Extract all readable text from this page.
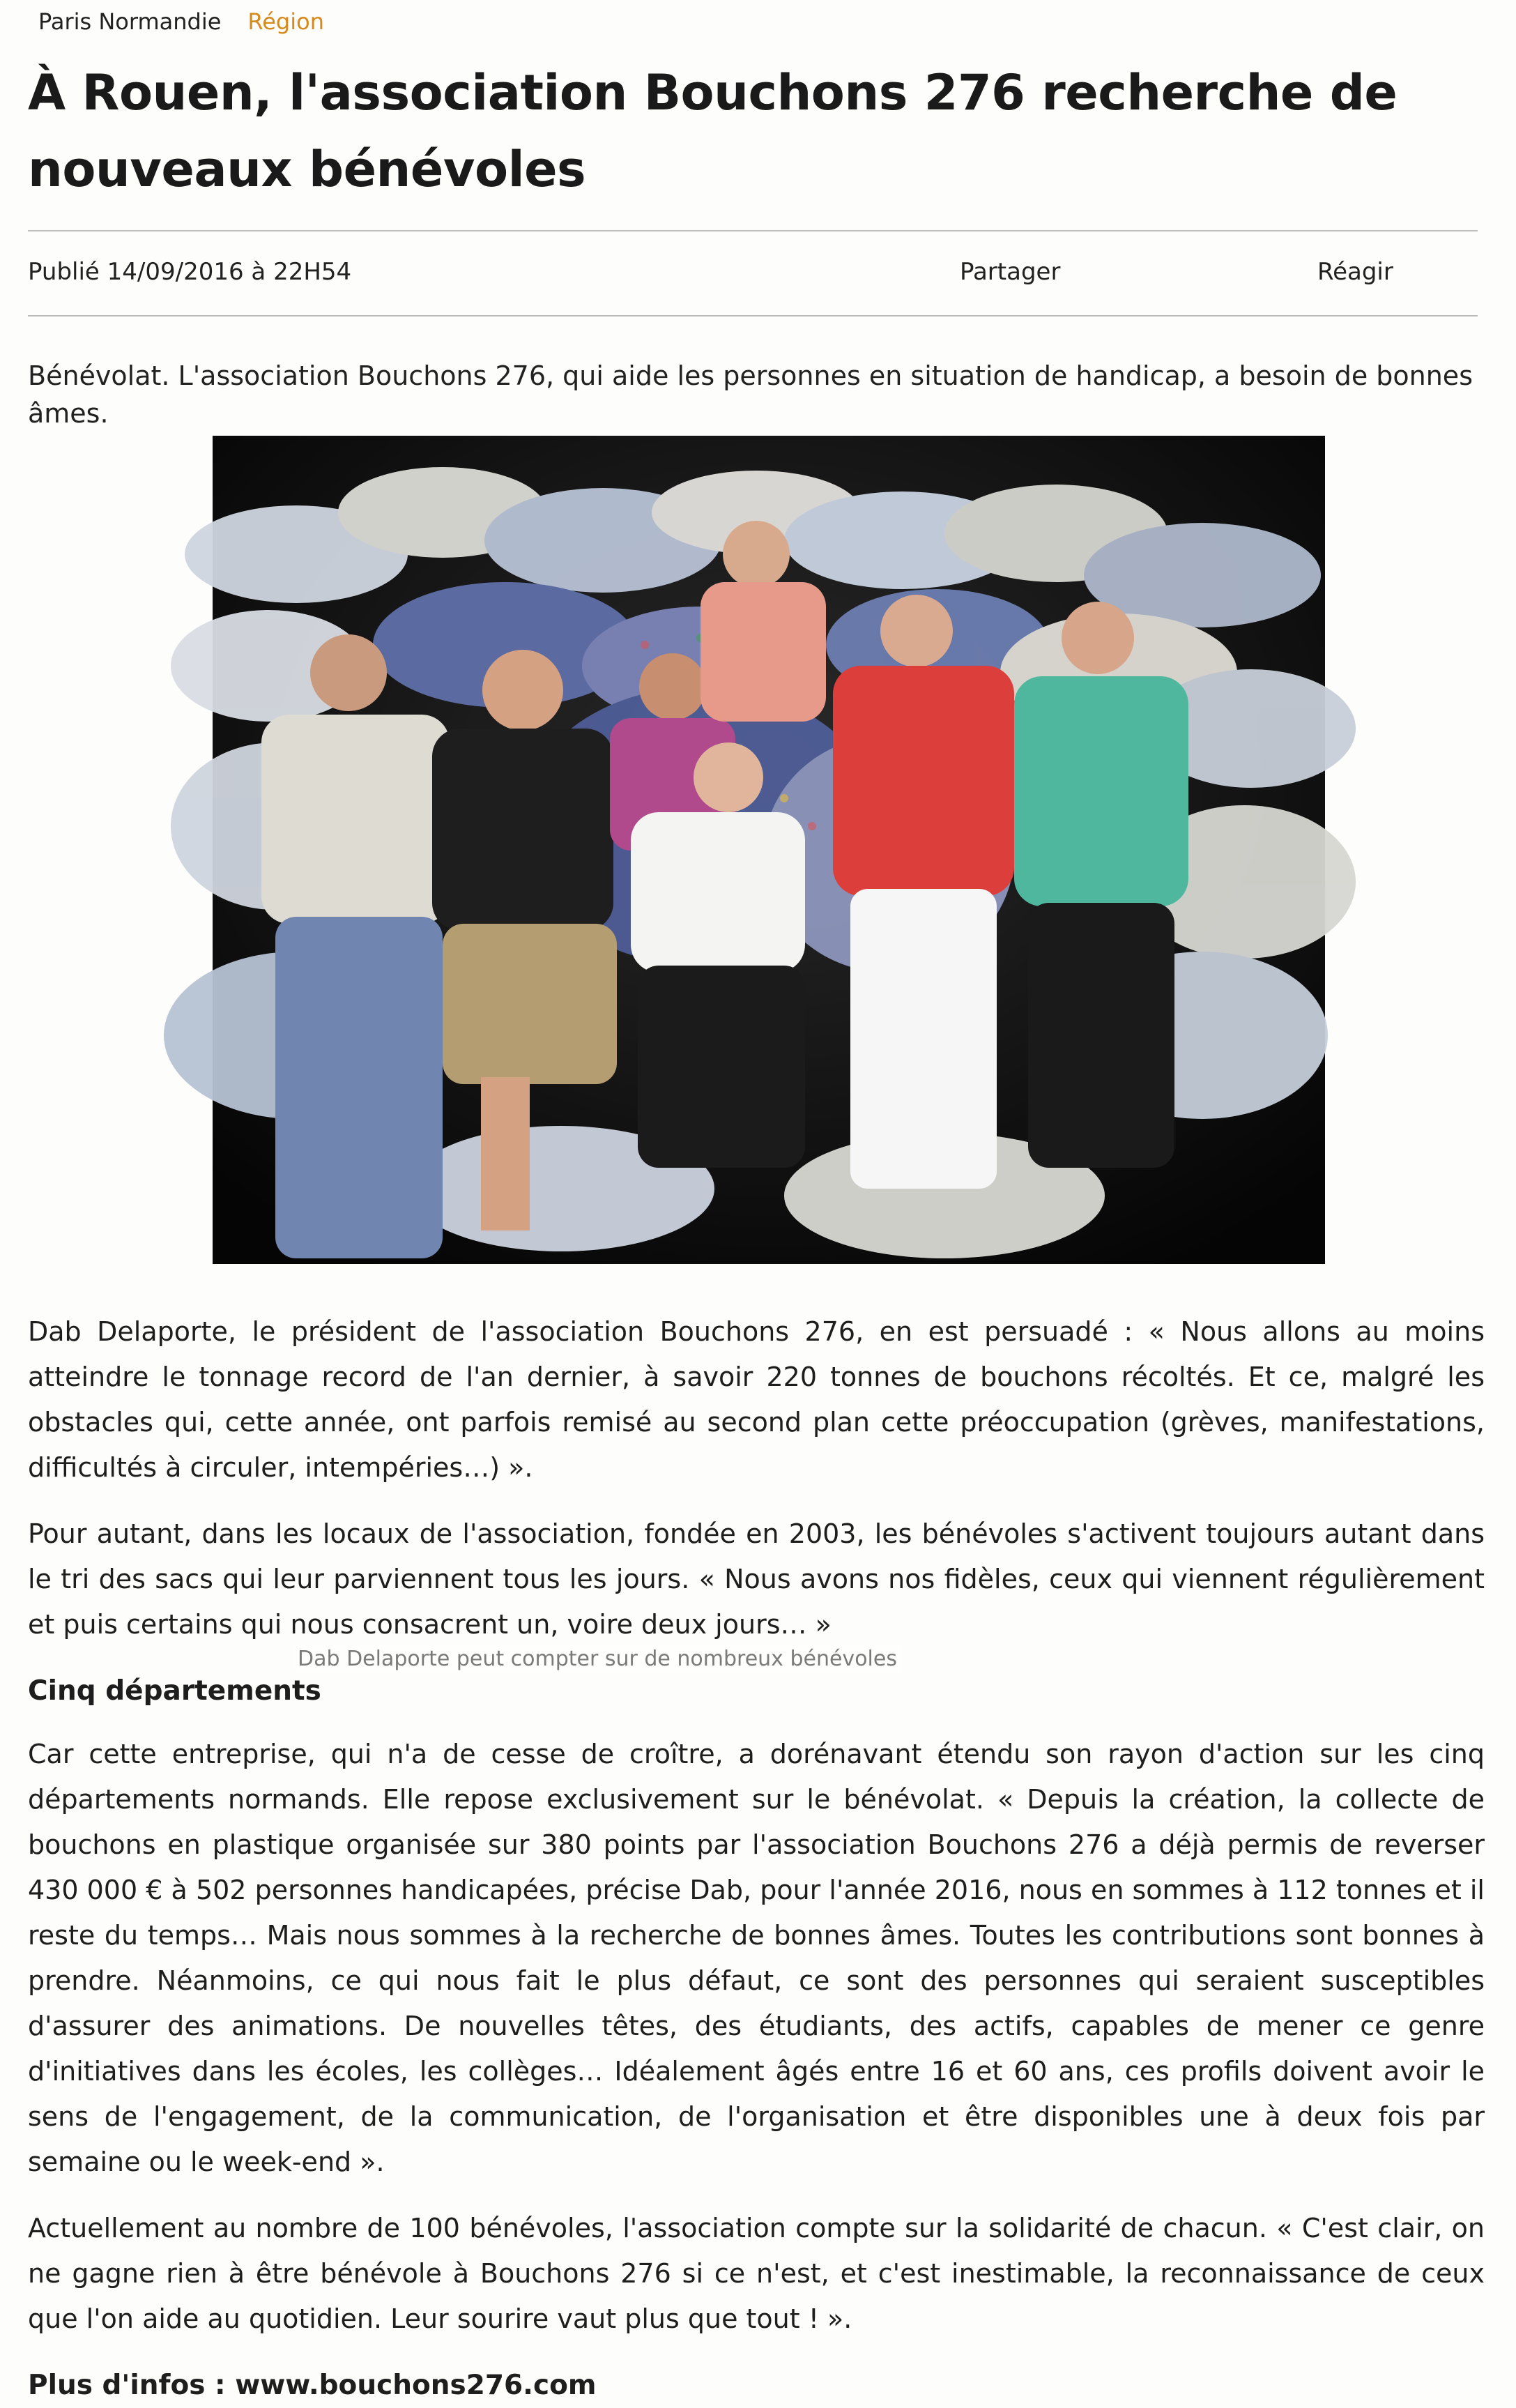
Paris Normandie Région
À Rouen, l'association Bouchons 276 recherche de nouveaux bénévoles
Publié 14/09/2016 à 22H54	Partager	Réagir
Bénévolat. L'association Bouchons 276, qui aide les personnes en situation de handicap, a besoin de bonnes âmes.
Dab Delaporte peut compter sur de nombreux bénévoles

Dab Delaporte, le président de l'association Bouchons 276, en est persuadé : « Nous allons au moins atteindre le tonnage record de l'an dernier, à savoir 220 tonnes de bouchons récoltés. Et ce, malgré les obstacles qui, cette année, ont parfois remisé au second plan cette préoccupation (grèves, manifestations, difficultés à circuler, intempéries…) ».

Pour autant, dans les locaux de l'association, fondée en 2003, les bénévoles s'activent toujours autant dans le tri des sacs qui leur parviennent tous les jours. « Nous avons nos fidèles, ceux qui viennent régulièrement et puis certains qui nous consacrent un, voire deux jours… »

Cinq départements

Car cette entreprise, qui n'a de cesse de croître, a dorénavant étendu son rayon d'action sur les cinq départements normands. Elle repose exclusivement sur le bénévolat. « Depuis la création, la collecte de bouchons en plastique organisée sur 380 points par l'association Bouchons 276 a déjà permis de reverser 430 000 € à 502 personnes handicapées, précise Dab, pour l'année 2016, nous en sommes à 112 tonnes et il reste du temps… Mais nous sommes à la recherche de bonnes âmes. Toutes les contributions sont bonnes à prendre. Néanmoins, ce qui nous fait le plus défaut, ce sont des personnes qui seraient susceptibles d'assurer des animations. De nouvelles têtes, des étudiants, des actifs, capables de mener ce genre d'initiatives dans les écoles, les collèges… Idéalement âgés entre 16 et 60 ans, ces profils doivent avoir le sens de l'engagement, de la communication, de l'organisation et être disponibles une à deux fois par semaine ou le week-end ».

Actuellement au nombre de 100 bénévoles, l'association compte sur la solidarité de chacun. « C'est clair, on ne gagne rien à être bénévole à Bouchons 276 si ce n'est, et c'est inestimable, la reconnaissance de ceux que l'on aide au quotidien. Leur sourire vaut plus que tout ! ».

Plus d'infos : www.bouchons276.com
